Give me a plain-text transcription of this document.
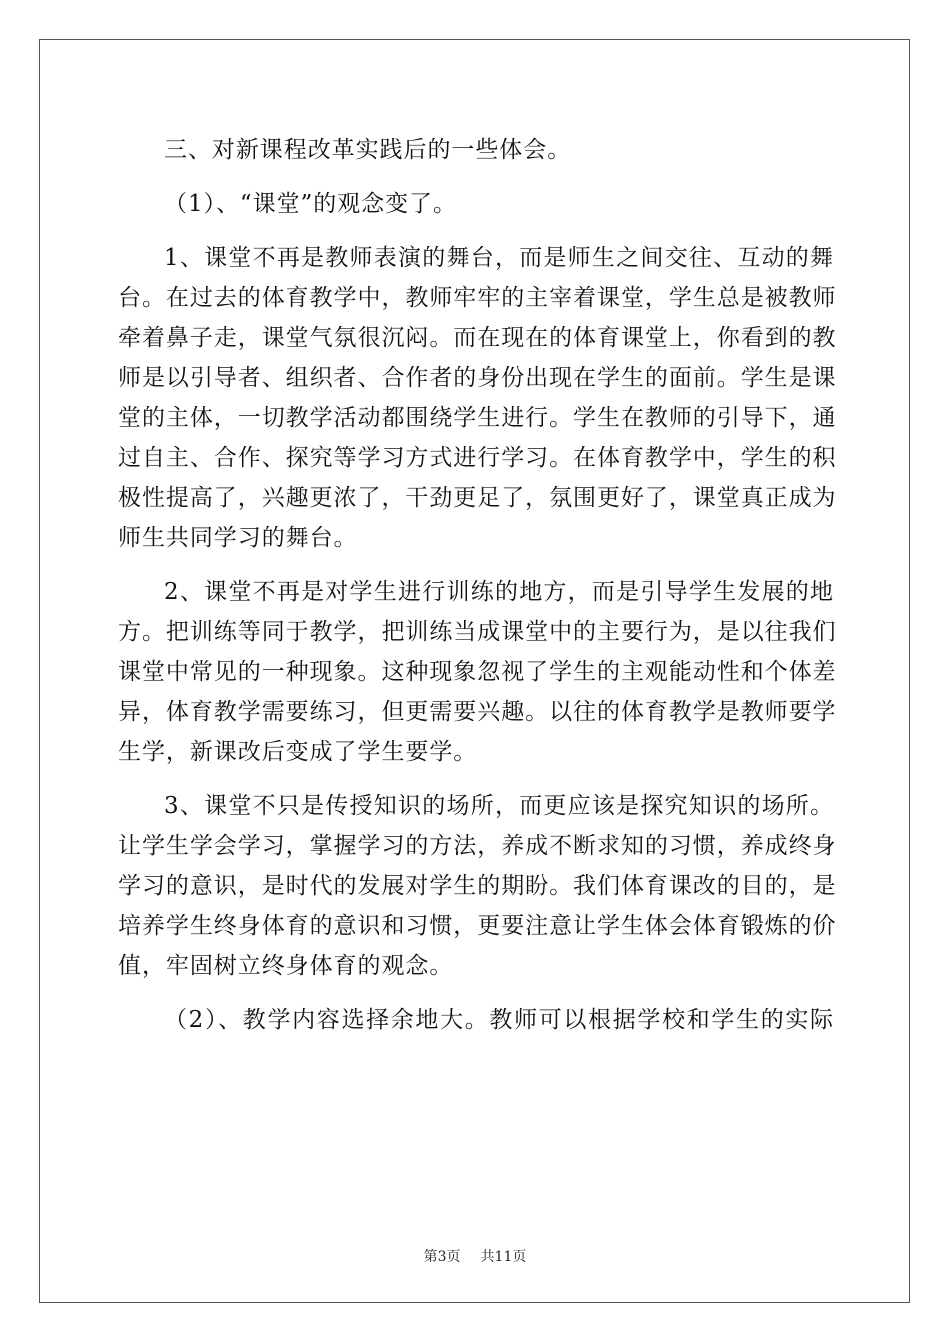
三、对新课程改革实践后的一些体会。
（1）、“课堂”的观念变了。
1、课堂不再是教师表演的舞台，而是师生之间交往、互动的舞
台。在过去的体育教学中，教师牢牢的主宰着课堂，学生总是被教师
牵着鼻子走，课堂气氛很沉闷。而在现在的体育课堂上，你看到的教
师是以引导者、组织者、合作者的身份出现在学生的面前。学生是课
堂的主体，一切教学活动都围绕学生进行。学生在教师的引导下，通
过自主、合作、探究等学习方式进行学习。在体育教学中，学生的积
极性提高了，兴趣更浓了，干劲更足了，氛围更好了，课堂真正成为
师生共同学习的舞台。
2、课堂不再是对学生进行训练的地方，而是引导学生发展的地
方。把训练等同于教学，把训练当成课堂中的主要行为，是以往我们
课堂中常见的一种现象。这种现象忽视了学生的主观能动性和个体差
异，体育教学需要练习，但更需要兴趣。以往的体育教学是教师要学
生学，新课改后变成了学生要学。
3、课堂不只是传授知识的场所，而更应该是探究知识的场所。
让学生学会学习，掌握学习的方法，养成不断求知的习惯，养成终身
学习的意识，是时代的发展对学生的期盼。我们体育课改的目的，是
培养学生终身体育的意识和习惯，更要注意让学生体会体育锻炼的价
值，牢固树立终身体育的观念。
（2）、教学内容选择余地大。教师可以根据学校和学生的实际
第3页 共11页
